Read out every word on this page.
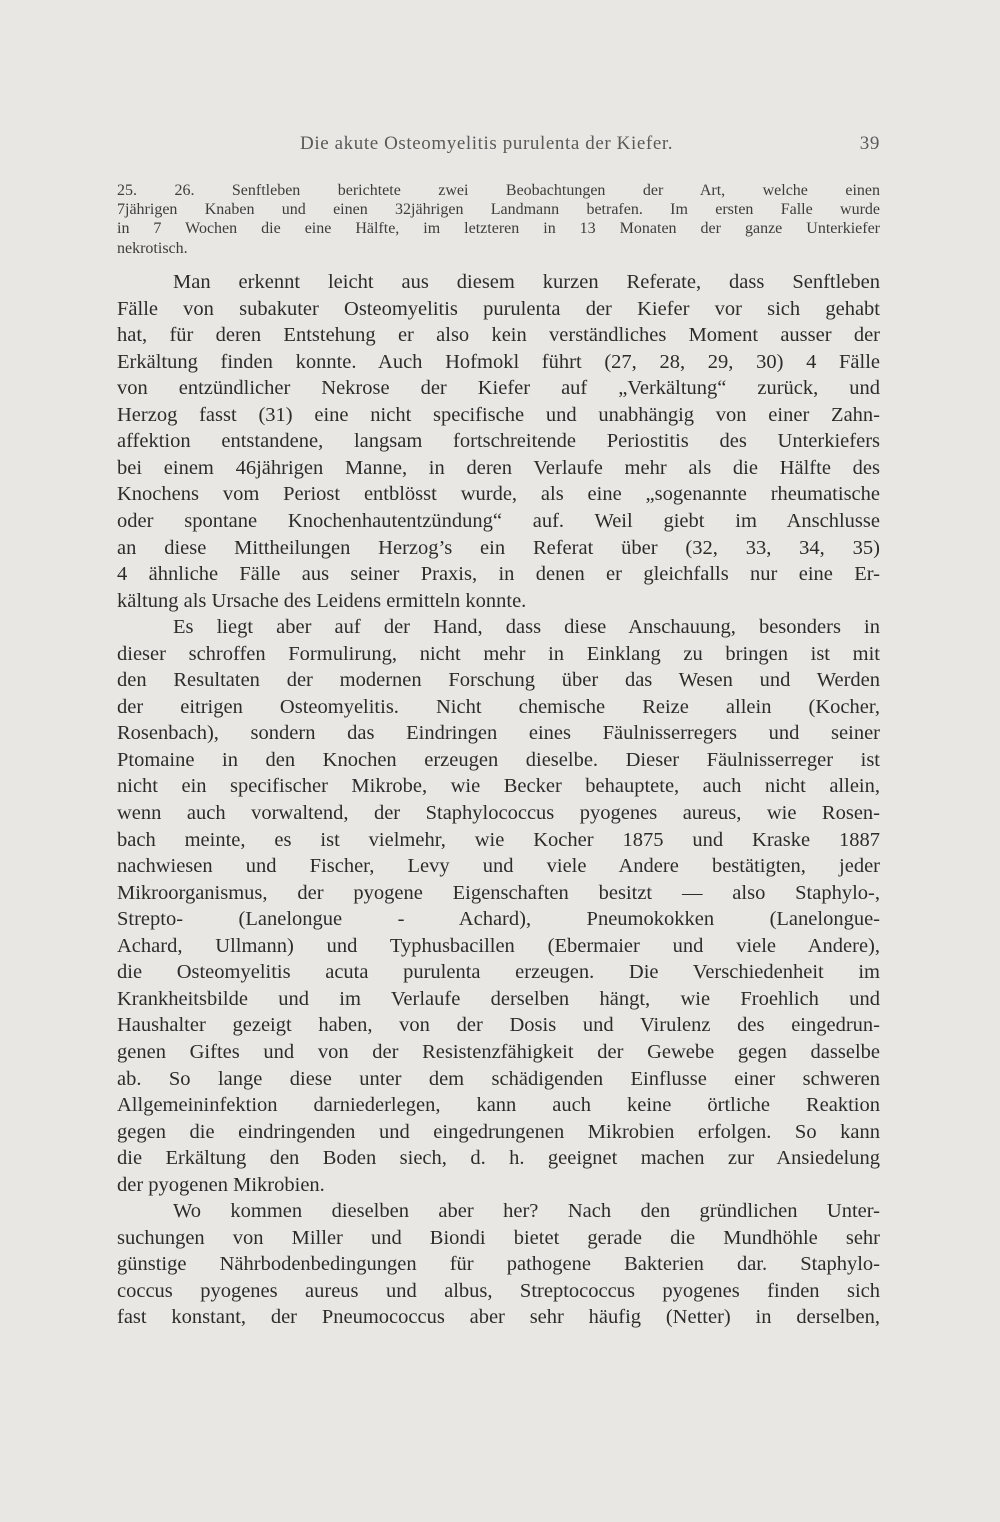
Die akute Osteomyelitis purulenta der Kiefer.	39

25. 26. Senftleben berichtete zwei Beobachtungen der Art, welche einen

7jährigen Knaben und einen 32jährigen Landmann betrafen. Im ersten Falle wurde

in 7 Wochen die eine Hälfte, im letzteren in 13 Monaten der ganze Unterkiefer

nekrotisch.

Man erkennt leicht aus diesem kurzen Referate, dass Senftleben

Fälle von subakuter Osteomyelitis purulenta der Kiefer vor sich gehabt

hat, für deren Entstehung er also kein verständliches Moment ausser der

Erkältung finden konnte. Auch Hofmokl führt (27, 28, 29, 30) 4 Fälle

von entzündlicher Nekrose der Kiefer auf „Verkältung“ zurück, und

Herzog fasst (31) eine nicht specifische und unabhängig von einer Zahn-

affektion entstandene, langsam fortschreitende Periostitis des Unterkiefers

bei einem 46jährigen Manne, in deren Verlaufe mehr als die Hälfte des

Knochens vom Periost entblösst wurde, als eine „sogenannte rheumatische

oder spontane Knochenhautentzündung“ auf. Weil giebt im Anschlusse

an diese Mittheilungen Herzog’s ein Referat über (32, 33, 34, 35)

4 ähnliche Fälle aus seiner Praxis, in denen er gleichfalls nur eine Er-

kältung als Ursache des Leidens ermitteln konnte.

Es liegt aber auf der Hand, dass diese Anschauung, besonders in

dieser schroffen Formulirung, nicht mehr in Einklang zu bringen ist mit

den Resultaten der modernen Forschung über das Wesen und Werden

der eitrigen Osteomyelitis. Nicht chemische Reize allein (Kocher,

Rosenbach), sondern das Eindringen eines Fäulnisserregers und seiner

Ptomaine in den Knochen erzeugen dieselbe. Dieser Fäulnisserreger ist

nicht ein specifischer Mikrobe, wie Becker behauptete, auch nicht allein,

wenn auch vorwaltend, der Staphylococcus pyogenes aureus, wie Rosen-

bach meinte, es ist vielmehr, wie Kocher 1875 und Kraske 1887

nachwiesen und Fischer, Levy und viele Andere bestätigten, jeder

Mikroorganismus, der pyogene Eigenschaften besitzt — also Staphylo-,

Strepto- (Lanelongue - Achard), Pneumokokken (Lanelongue-

Achard, Ullmann) und Typhusbacillen (Ebermaier und viele Andere),

die Osteomyelitis acuta purulenta erzeugen. Die Verschiedenheit im

Krankheitsbilde und im Verlaufe derselben hängt, wie Froehlich und

Haushalter gezeigt haben, von der Dosis und Virulenz des eingedrun-

genen Giftes und von der Resistenzfähigkeit der Gewebe gegen dasselbe

ab. So lange diese unter dem schädigenden Einflusse einer schweren

Allgemeininfektion darniederlegen, kann auch keine örtliche Reaktion

gegen die eindringenden und eingedrungenen Mikrobien erfolgen. So kann

die Erkältung den Boden siech, d. h. geeignet machen zur Ansiedelung

der pyogenen Mikrobien.

Wo kommen dieselben aber her? Nach den gründlichen Unter-

suchungen von Miller und Biondi bietet gerade die Mundhöhle sehr

günstige Nährbodenbedingungen für pathogene Bakterien dar. Staphylo-

coccus pyogenes aureus und albus, Streptococcus pyogenes finden sich

fast konstant, der Pneumococcus aber sehr häufig (Netter) in derselben,
